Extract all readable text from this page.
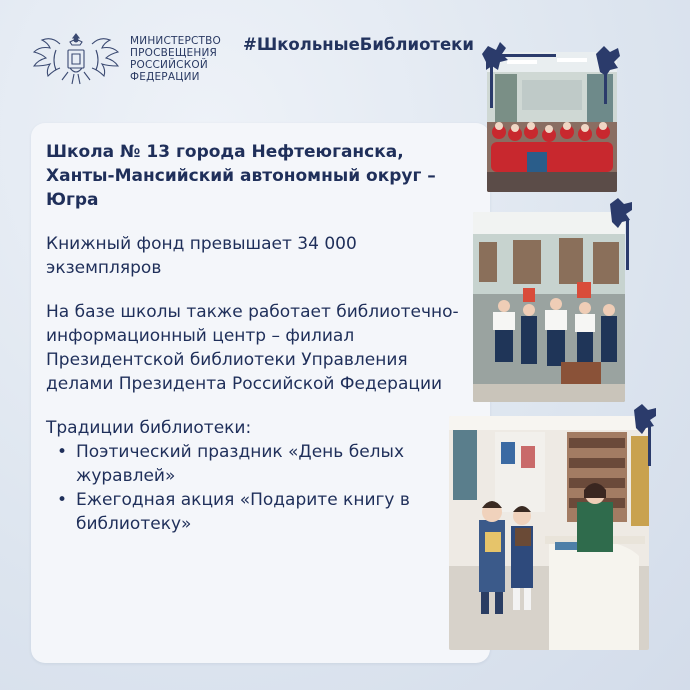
МИНИСТЕРСТВО
ПРОСВЕЩЕНИЯ
РОССИЙСКОЙ
ФЕДЕРАЦИИ
#ШкольныеБиблиотеки

Школа № 13 города Нефтеюганска, Ханты-Мансийский автономный округ – Югра

Книжный фонд превышает 34 000 экземпляров

На базе школы также работает библиотечно-информационный центр – филиал Президентской библиотеки Управления делами Президента Российской Федерации

Традиции библиотеки:

• Поэтический праздник «День белых журавлей»
• Ежегодная акция «Подарите книгу в библиотеку»
